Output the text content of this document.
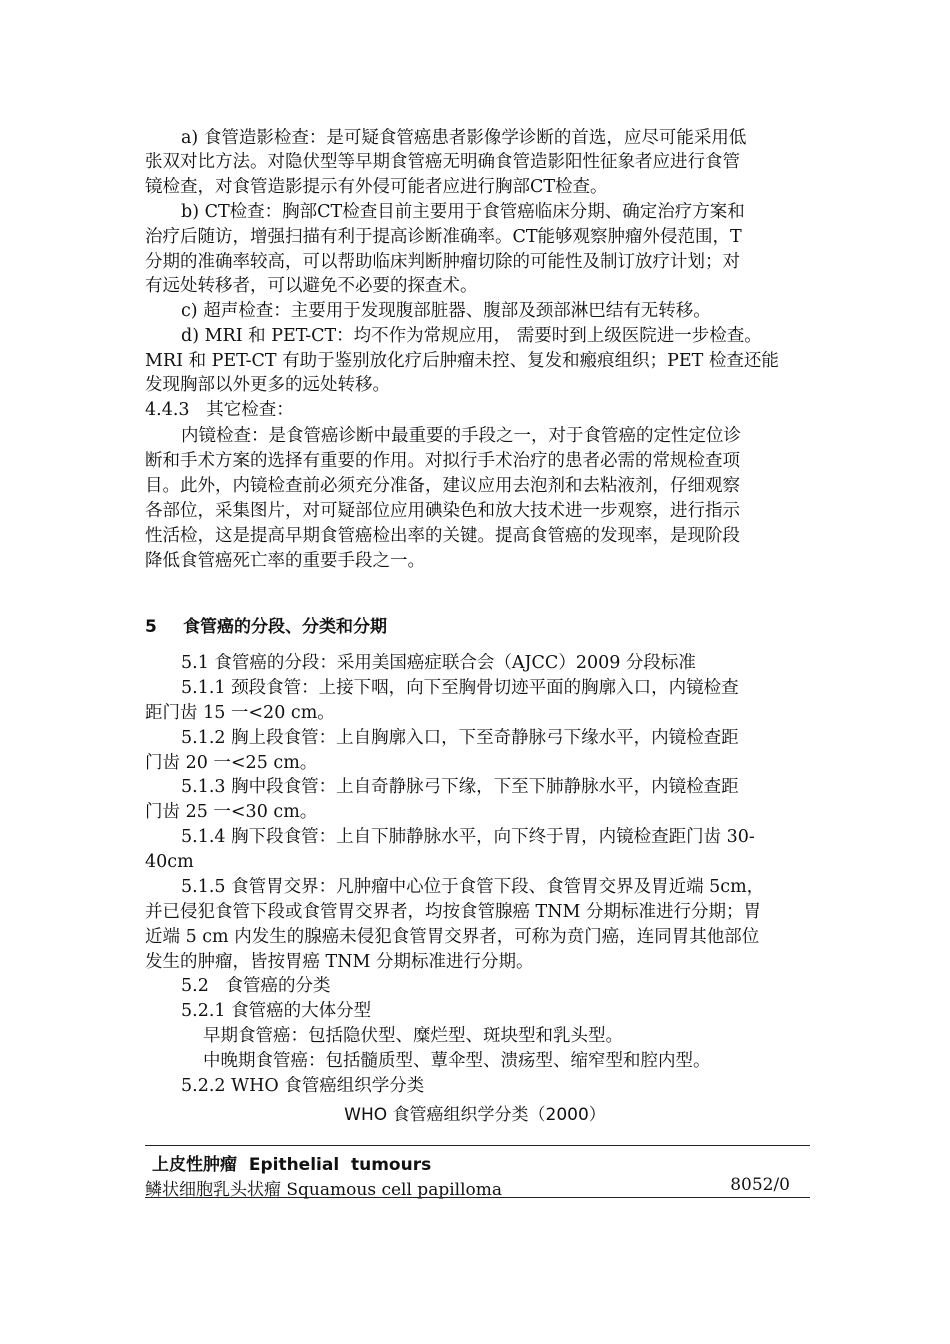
a) 食管造影检查：是可疑食管癌患者影像学诊断的首选，应尽可能采用低
张双对比方法。对隐伏型等早期食管癌无明确食管造影阳性征象者应进行食管
镜检查，对食管造影提示有外侵可能者应进行胸部CT检查。
b) CT检查：胸部CT检查目前主要用于食管癌临床分期、确定治疗方案和
治疗后随访，增强扫描有利于提高诊断准确率。CT能够观察肿瘤外侵范围，T
分期的准确率较高，可以帮助临床判断肿瘤切除的可能性及制订放疗计划；对
有远处转移者，可以避免不必要的探查术。
c) 超声检查：主要用于发现腹部脏器、腹部及颈部淋巴结有无转移。
d) MRI 和 PET-CT：均不作为常规应用， 需要时到上级医院进一步检查。
MRI 和 PET-CT 有助于鉴别放化疗后肿瘤未控、复发和瘢痕组织；PET 检查还能
发现胸部以外更多的远处转移。
4.4.3   其它检查：
内镜检查：是食管癌诊断中最重要的手段之一，对于食管癌的定性定位诊
断和手术方案的选择有重要的作用。对拟行手术治疗的患者必需的常规检查项
目。此外，内镜检查前必须充分准备，建议应用去泡剂和去粘液剂，仔细观察
各部位，采集图片，对可疑部位应用碘染色和放大技术进一步观察，进行指示
性活检，这是提高早期食管癌检出率的关键。提高食管癌的发现率，是现阶段
降低食管癌死亡率的重要手段之一。
5 食管癌的分段、分类和分期
5.1 食管癌的分段：采用美国癌症联合会（AJCC）2009 分段标准
5.1.1 颈段食管：上接下咽，向下至胸骨切迹平面的胸廓入口，内镜检查
距门齿 15 一<20 cm。
5.1.2 胸上段食管：上自胸廓入口，下至奇静脉弓下缘水平，内镜检查距
门齿 20 一<25 cm。
5.1.3 胸中段食管：上自奇静脉弓下缘，下至下肺静脉水平，内镜检查距
门齿 25 一<30 cm。
5.1.4 胸下段食管：上自下肺静脉水平，向下终于胃，内镜检查距门齿 30-
40cm
5.1.5 食管胃交界：凡肿瘤中心位于食管下段、食管胃交界及胃近端 5cm，
并已侵犯食管下段或食管胃交界者，均按食管腺癌 TNM 分期标准进行分期；胃
近端 5 cm 内发生的腺癌未侵犯食管胃交界者，可称为贲门癌，连同胃其他部位
发生的肿瘤，皆按胃癌 TNM 分期标准进行分期。
5.2   食管癌的分类
5.2.1 食管癌的大体分型
早期食管癌：包括隐伏型、糜烂型、斑块型和乳头型。
中晚期食管癌：包括髓质型、蕈伞型、溃疡型、缩窄型和腔内型。
5.2.2 WHO 食管癌组织学分类
WHO 食管癌组织学分类（2000）
上皮性肿瘤  Epithelial  tumours
鳞状细胞乳头状瘤 Squamous cell papilloma	8052/0
